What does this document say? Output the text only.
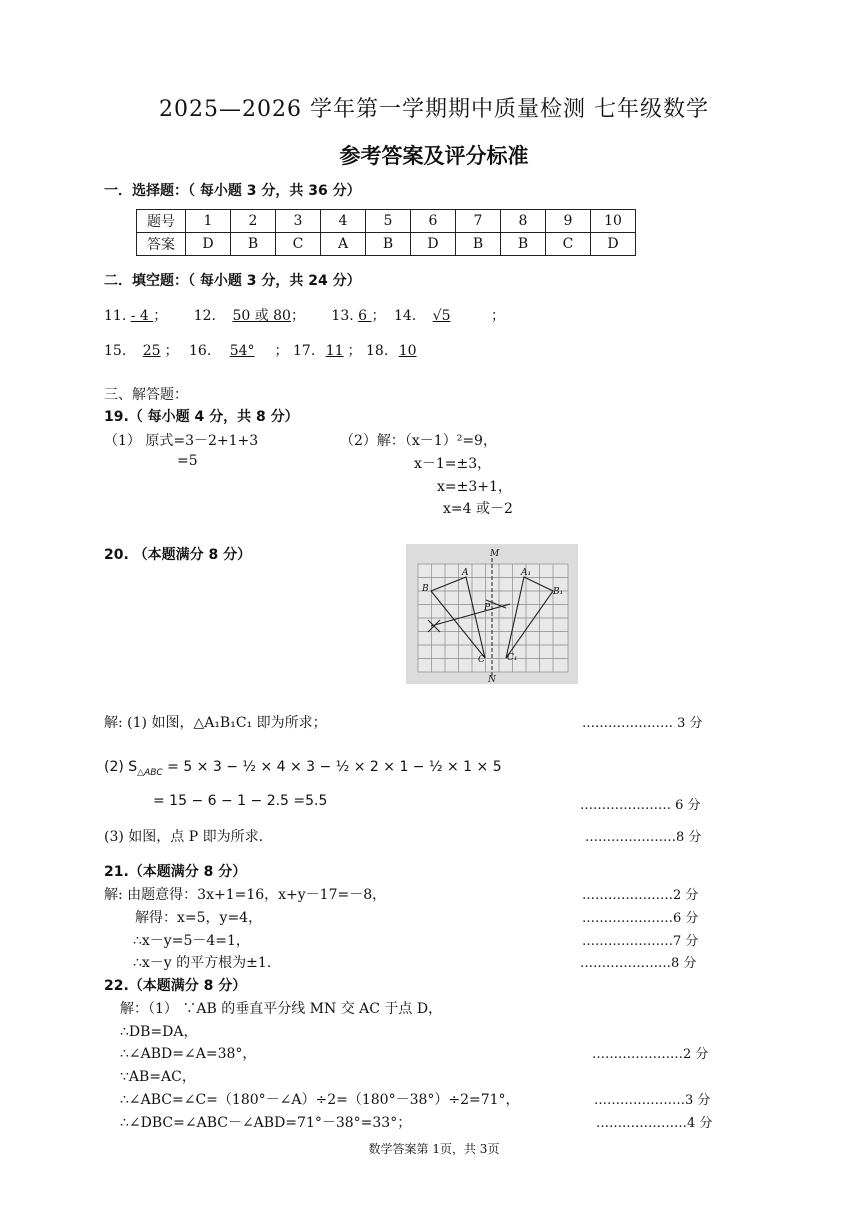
2025—2026 学年第一学期期中质量检测 七年级数学
参考答案及评分标准
一．选择题：（ 每小题 3 分，共 36 分）
题号	1	2	3	4	5	6	7	8	9	10
答案	D	B	C	A	B	D	B	B	C	D
二．填空题：（ 每小题 3 分，共 24 分）
11. - 4 ； 12. 50 或 80； 13. 6 ； 14. √5	；
15. 25 ； 16. 54° ； 17. 11 ； 18. 10
三、解答题：
19.（ 每小题 4 分，共 8 分）
（1） 原式=3－2+1+3
=5
（2）解：（x－1）²=9，
x－1=±3，
x=±3+1，
x=4 或－2
20. （本题满分 8 分）	M
N
A
B
C
A₁
B₁
C₁
P
解: (1) 如图，△A₁B₁C₁ 即为所求；	………………… 3 分
(2) $S_{\triangle ABC} = 5 \times 3$ − ½ × 4 × 3 − ½ × 2 × 1 − ½ × 1 × 5
= 15 − 6 − 1 − 2.5 =5.5	………………… 6 分
(3) 如图，点 P 即为所求.	…………………8 分
21.（本题满分 8 分）
解: 由题意得：3x+1=16，x+y－17=－8，	…………………2 分
解得：x=5，y=4，	…………………6 分
∴x－y=5－4=1，	…………………7 分
∴x－y 的平方根为±1.	…………………8 分
22.（本题满分 8 分）
解：（1） ∵AB 的垂直平分线 MN 交 AC 于点 D，
∴DB=DA，
∴∠ABD=∠A=38°，	…………………2 分
∵AB=AC，
∴∠ABC=∠C=（180°－∠A）÷2=（180°－38°）÷2=71°，	…………………3 分
∴∠DBC=∠ABC－∠ABD=71°－38°=33°；	…………………4 分
数学答案第 1页，共 3页
